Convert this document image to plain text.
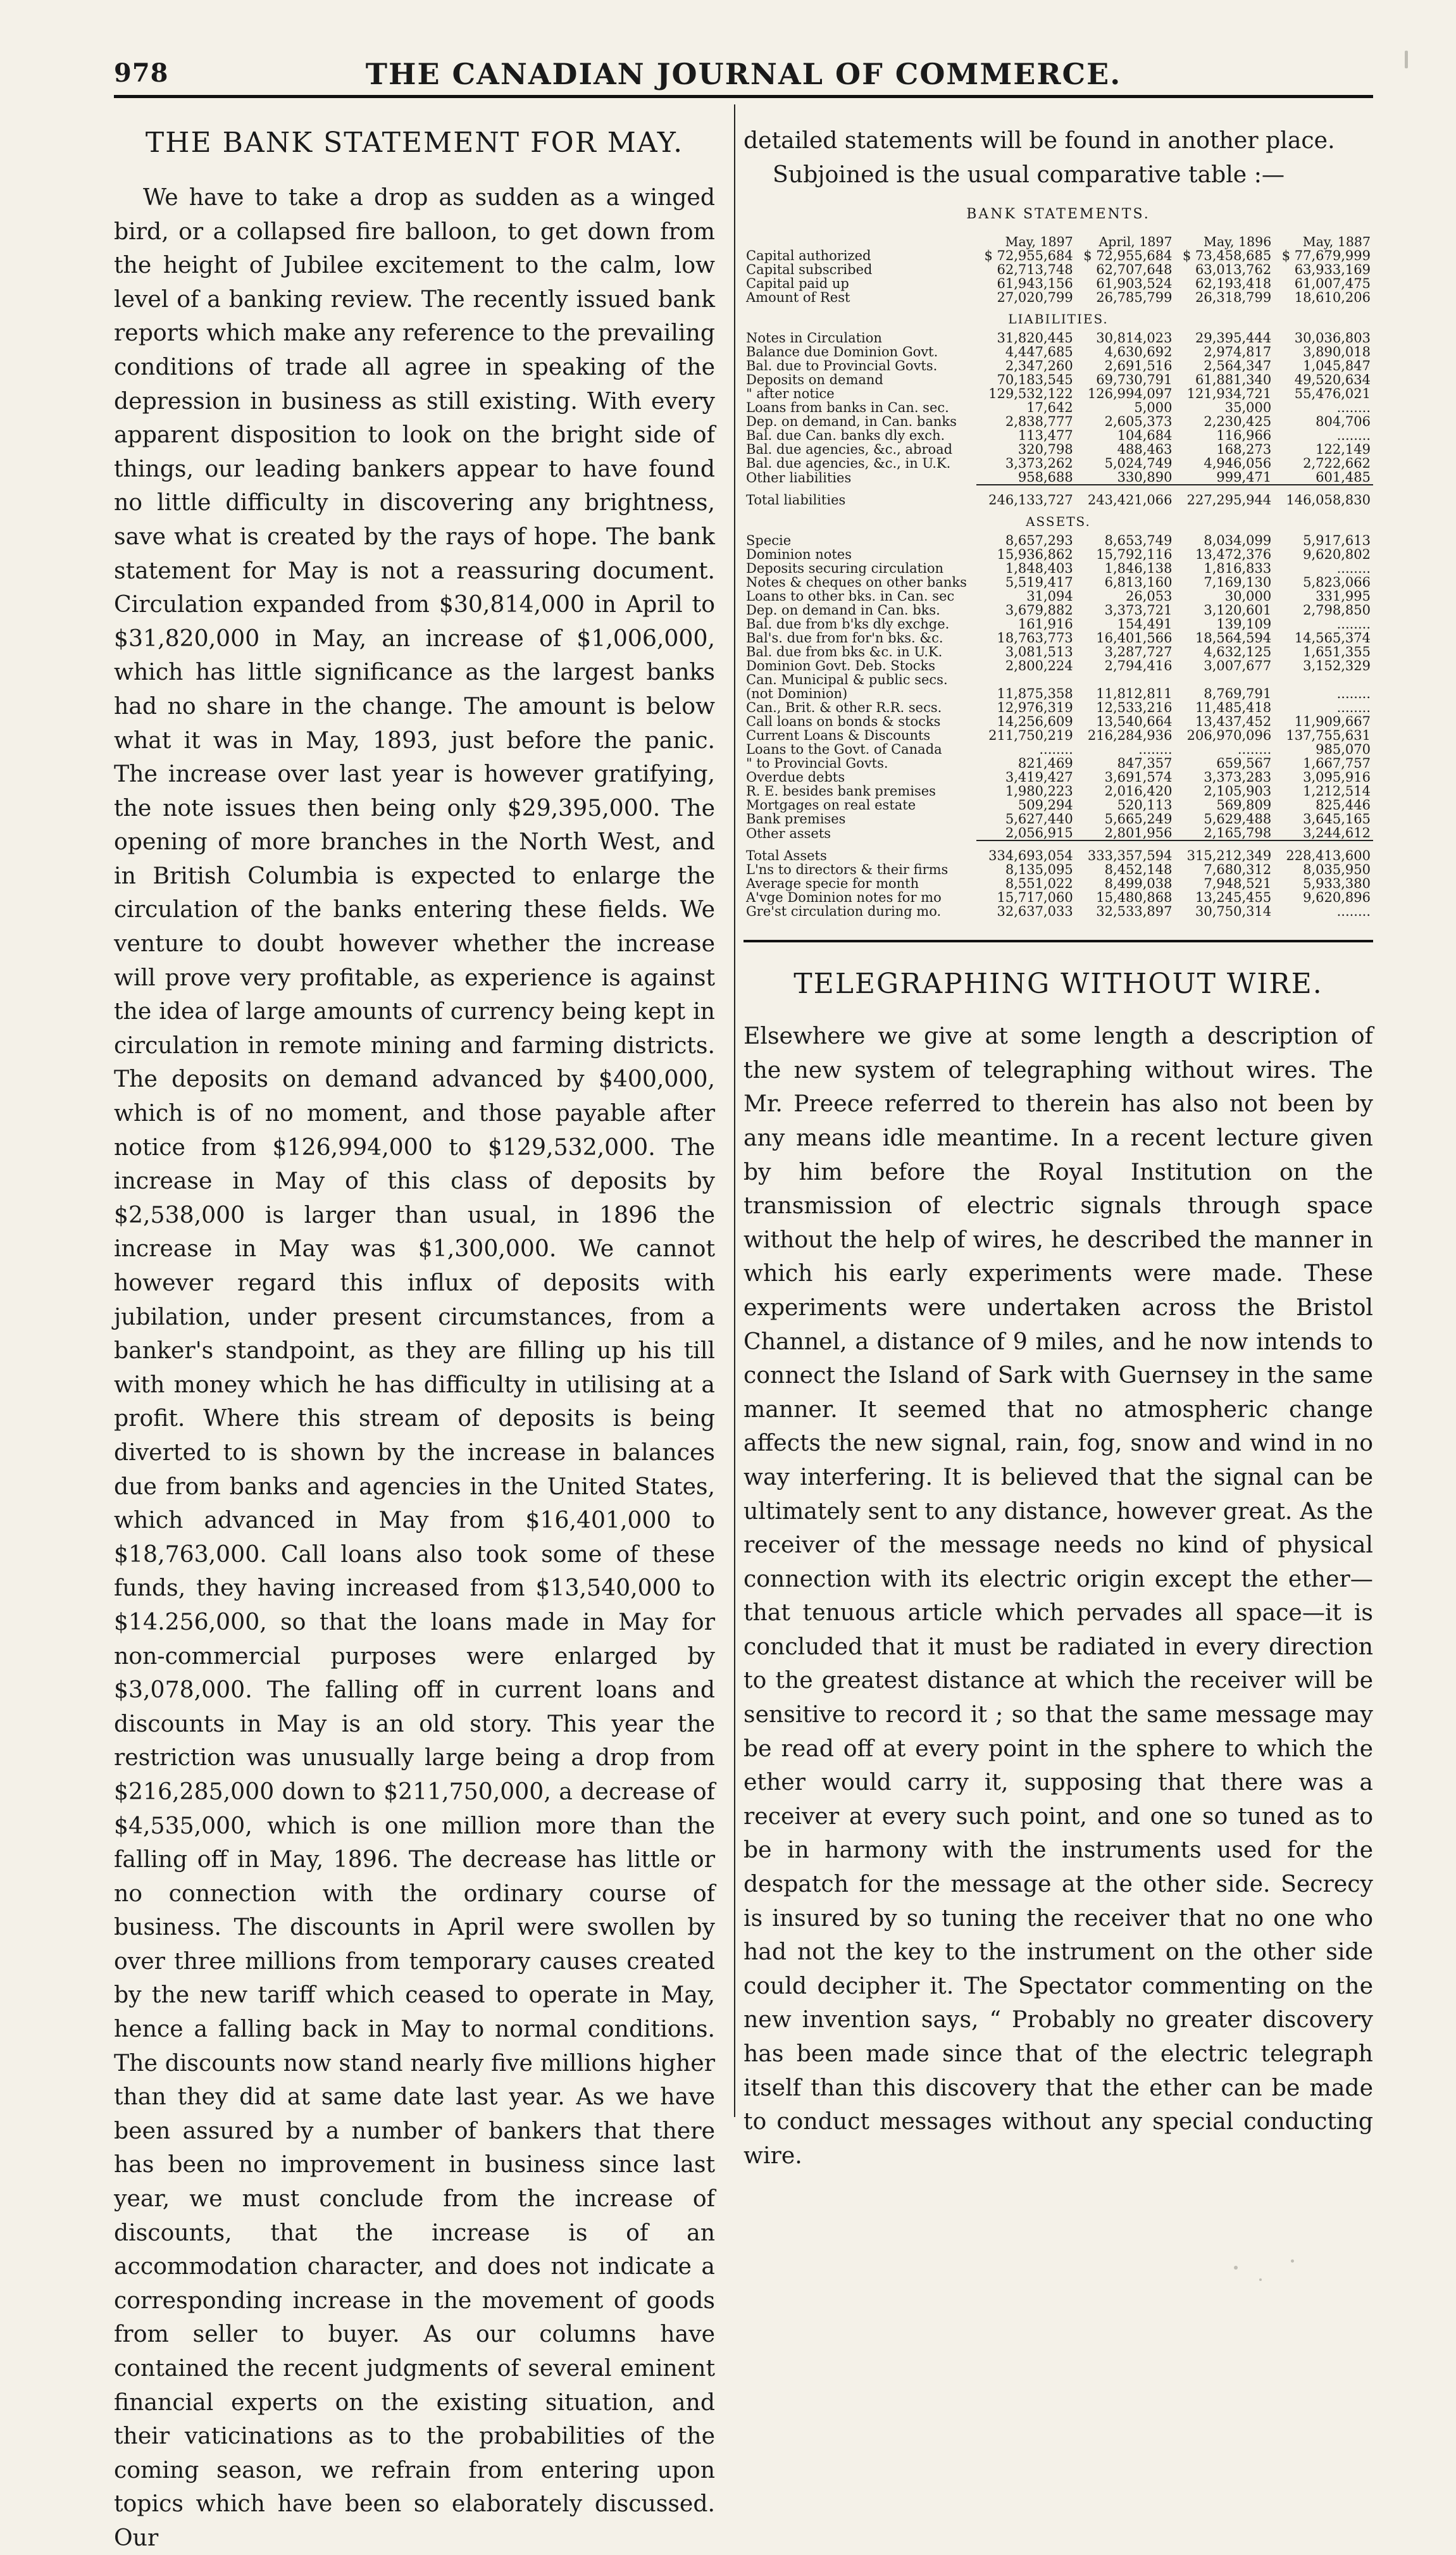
978	THE CANADIAN JOURNAL OF COMMERCE.
THE BANK STATEMENT FOR MAY.

We have to take a drop as sudden as a winged bird, or a collapsed fire balloon, to get down from the height of Jubilee excitement to the calm, low level of a banking review. The recently issued bank reports which make any reference to the prevailing conditions of trade all agree in speaking of the depression in business as still existing. With every apparent disposition to look on the bright side of things, our leading bankers appear to have found no little difficulty in discovering any brightness, save what is created by the rays of hope. The bank statement for May is not a reassuring document. Circulation expanded from $30,814,000 in April to $31,820,000 in May, an increase of $1,006,000, which has little significance as the largest banks had no share in the change. The amount is below what it was in May, 1893, just before the panic. The increase over last year is however gratifying, the note issues then being only $29,395,000. The opening of more branches in the North West, and in British Columbia is expected to enlarge the circulation of the banks entering these fields. We venture to doubt however whether the increase will prove very profitable, as experience is against the idea of large amounts of currency being kept in circulation in remote mining and farming districts. The deposits on demand advanced by $400,000, which is of no moment, and those payable after notice from $126,994,000 to $129,532,000. The increase in May of this class of deposits by $2,538,000 is larger than usual, in 1896 the increase in May was $1,300,000. We cannot however regard this influx of deposits with jubilation, under present circumstances, from a banker's standpoint, as they are filling up his till with money which he has difficulty in utilising at a profit. Where this stream of deposits is being diverted to is shown by the increase in balances due from banks and agencies in the United States, which advanced in May from $16,401,000 to $18,763,000. Call loans also took some of these funds, they having increased from $13,540,000 to $14.256,000, so that the loans made in May for non-commercial purposes were enlarged by $3,078,000. The falling off in current loans and discounts in May is an old story. This year the restriction was unusually large being a drop from $216,285,000 down to $211,750,000, a decrease of $4,535,000, which is one million more than the falling off in May, 1896. The decrease has little or no connection with the ordinary course of business. The discounts in April were swollen by over three millions from temporary causes created by the new tariff which ceased to operate in May, hence a falling back in May to normal conditions. The discounts now stand nearly five millions higher than they did at same date last year. As we have been assured by a number of bankers that there has been no improvement in business since last year, we must conclude from the increase of discounts, that the increase is of an accommodation character, and does not indicate a corresponding increase in the movement of goods from seller to buyer. As our columns have contained the recent judgments of several eminent financial experts on the existing situation, and their vaticinations as to the probabilities of the coming season, we refrain from entering upon topics which have been so elaborately discussed. Our

detailed statements will be found in another place.

Subjoined is the usual comparative table :—

BANK STATEMENTS.
	May, 1897	April, 1897	May, 1896	May, 1887
Capital authorized	$ 72,955,684	$ 72,955,684	$ 73,458,685	$ 77,679,999
Capital subscribed	62,713,748	62,707,648	63,013,762	63,933,169
Capital paid up	61,943,156	61,903,524	62,193,418	61,007,475
Amount of Rest	27,020,799	26,785,799	26,318,799	18,610,206
LIABILITIES.				
Notes in Circulation	31,820,445	30,814,023	29,395,444	30,036,803
Balance due Dominion Govt.	4,447,685	4,630,692	2,974,817	3,890,018
Bal. due to Provincial Govts.	2,347,260	2,691,516	2,564,347	1,045,847
Deposits on demand	70,183,545	69,730,791	61,881,340	49,520,634
" after notice	129,532,122	126,994,097	121,934,721	55,476,021
Loans from banks in Can. sec.	17,642	5,000	35,000	........
Dep. on demand, in Can. banks	2,838,777	2,605,373	2,230,425	804,706
Bal. due Can. banks dly exch.	113,477	104,684	116,966	........
Bal. due agencies, &c., abroad	320,798	488,463	168,273	122,149
Bal. due agencies, &c., in U.K.	3,373,262	5,024,749	4,946,056	2,722,662
Other liabilities	958,688	330,890	999,471	601,485
Total liabilities	246,133,727	243,421,066	227,295,944	146,058,830
ASSETS.				
Specie	8,657,293	8,653,749	8,034,099	5,917,613
Dominion notes	15,936,862	15,792,116	13,472,376	9,620,802
Deposits securing circulation	1,848,403	1,846,138	1,816,833	........
Notes & cheques on other banks	5,519,417	6,813,160	7,169,130	5,823,066
Loans to other bks. in Can. sec	31,094	26,053	30,000	331,995
Dep. on demand in Can. bks.	3,679,882	3,373,721	3,120,601	2,798,850
Bal. due from b'ks dly exchge.	161,916	154,491	139,109	........
Bal's. due from for'n bks. &c.	18,763,773	16,401,566	18,564,594	14,565,374
Bal. due from bks &c. in U.K.	3,081,513	3,287,727	4,632,125	1,651,355
Dominion Govt. Deb. Stocks	2,800,224	2,794,416	3,007,677	3,152,329
Can. Municipal & public secs.				
(not Dominion)	11,875,358	11,812,811	8,769,791	........
Can., Brit. & other R.R. secs.	12,976,319	12,533,216	11,485,418	........
Call loans on bonds & stocks	14,256,609	13,540,664	13,437,452	11,909,667
Current Loans & Discounts	211,750,219	216,284,936	206,970,096	137,755,631
Loans to the Govt. of Canada	........	........	........	985,070
" to Provincial Govts.	821,469	847,357	659,567	1,667,757
Overdue debts	3,419,427	3,691,574	3,373,283	3,095,916
R. E. besides bank premises	1,980,223	2,016,420	2,105,903	1,212,514
Mortgages on real estate	509,294	520,113	569,809	825,446
Bank premises	5,627,440	5,665,249	5,629,488	3,645,165
Other assets	2,056,915	2,801,956	2,165,798	3,244,612
Total Assets	334,693,054	333,357,594	315,212,349	228,413,600
L'ns to directors & their firms	8,135,095	8,452,148	7,680,312	8,035,950
Average specie for month	8,551,022	8,499,038	7,948,521	5,933,380
A'vge Dominion notes for mo	15,717,060	15,480,868	13,245,455	9,620,896
Gre'st circulation during mo.	32,637,033	32,533,897	30,750,314	........
TELEGRAPHING WITHOUT WIRE.

Elsewhere we give at some length a description of the new system of telegraphing without wires. The Mr. Preece referred to therein has also not been by any means idle meantime. In a recent lecture given by him before the Royal Institution on the transmission of electric signals through space without the help of wires, he described the manner in which his early experiments were made. These experiments were undertaken across the Bristol Channel, a distance of 9 miles, and he now intends to connect the Island of Sark with Guernsey in the same manner. It seemed that no atmospheric change affects the new signal, rain, fog, snow and wind in no way interfering. It is believed that the signal can be ultimately sent to any distance, however great. As the receiver of the message needs no kind of physical connection with its electric origin except the ether—that tenuous article which pervades all space—it is concluded that it must be radiated in every direction to the greatest distance at which the receiver will be sensitive to record it ; so that the same message may be read off at every point in the sphere to which the ether would carry it, supposing that there was a receiver at every such point, and one so tuned as to be in harmony with the instruments used for the despatch for the message at the other side. Secrecy is insured by so tuning the receiver that no one who had not the key to the instrument on the other side could decipher it. The Spectator commenting on the new invention says, “ Probably no greater discovery has been made since that of the electric telegraph itself than this discovery that the ether can be made to conduct messages without any special conducting wire.
